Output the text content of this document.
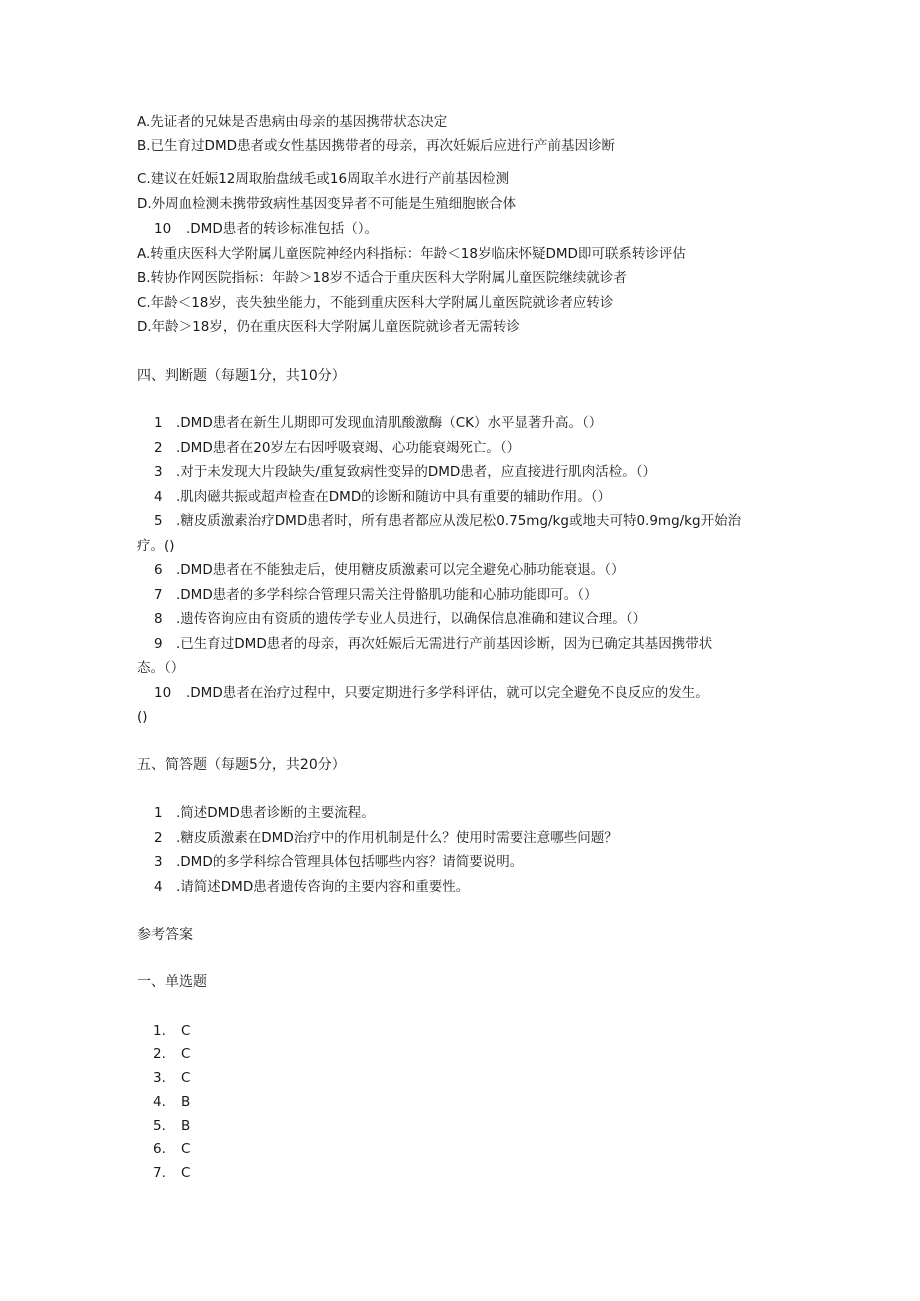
A.先证者的兄妹是否患病由母亲的基因携带状态决定
B.已生育过DMD患者或女性基因携带者的母亲，再次妊娠后应进行产前基因诊断
C.建议在妊娠12周取胎盘绒毛或16周取羊水进行产前基因检测
D.外周血检测未携带致病性基因变异者不可能是生殖细胞嵌合体
10 .DMD患者的转诊标准包括（）。
A.转重庆医科大学附属儿童医院神经内科指标：年龄＜18岁临床怀疑DMD即可联系转诊评估
B.转协作网医院指标：年龄＞18岁不适合于重庆医科大学附属儿童医院继续就诊者
C.年龄＜18岁，丧失独坐能力，不能到重庆医科大学附属儿童医院就诊者应转诊
D.年龄＞18岁，仍在重庆医科大学附属儿童医院就诊者无需转诊
四、判断题（每题1分，共10分）
1 .DMD患者在新生儿期即可发现血清肌酸激酶（CK）水平显著升高。（）
2 .DMD患者在20岁左右因呼吸衰竭、心功能衰竭死亡。（）
3 .对于未发现大片段缺失/重复致病性变异的DMD患者，应直接进行肌肉活检。（）
4 .肌肉磁共振或超声检查在DMD的诊断和随访中具有重要的辅助作用。（）
5 .糖皮质激素治疗DMD患者时，所有患者都应从泼尼松0.75mg/kg或地夫可特0.9mg/kg开始治
疗。()
6 .DMD患者在不能独走后，使用糖皮质激素可以完全避免心肺功能衰退。（）
7 .DMD患者的多学科综合管理只需关注骨骼肌功能和心肺功能即可。（）
8 .遗传咨询应由有资质的遗传学专业人员进行，以确保信息准确和建议合理。（）
9 .已生育过DMD患者的母亲，再次妊娠后无需进行产前基因诊断，因为已确定其基因携带状
态。（）
10 .DMD患者在治疗过程中，只要定期进行多学科评估，就可以完全避免不良反应的发生。
()
五、简答题（每题5分，共20分）
1 .简述DMD患者诊断的主要流程。
2 .糖皮质激素在DMD治疗中的作用机制是什么？使用时需要注意哪些问题？
3 .DMD的多学科综合管理具体包括哪些内容？请简要说明。
4 .请简述DMD患者遗传咨询的主要内容和重要性。
参考答案
一、单选题
1. C
2. C
3. C
4. B
5. B
6. C
7. C
